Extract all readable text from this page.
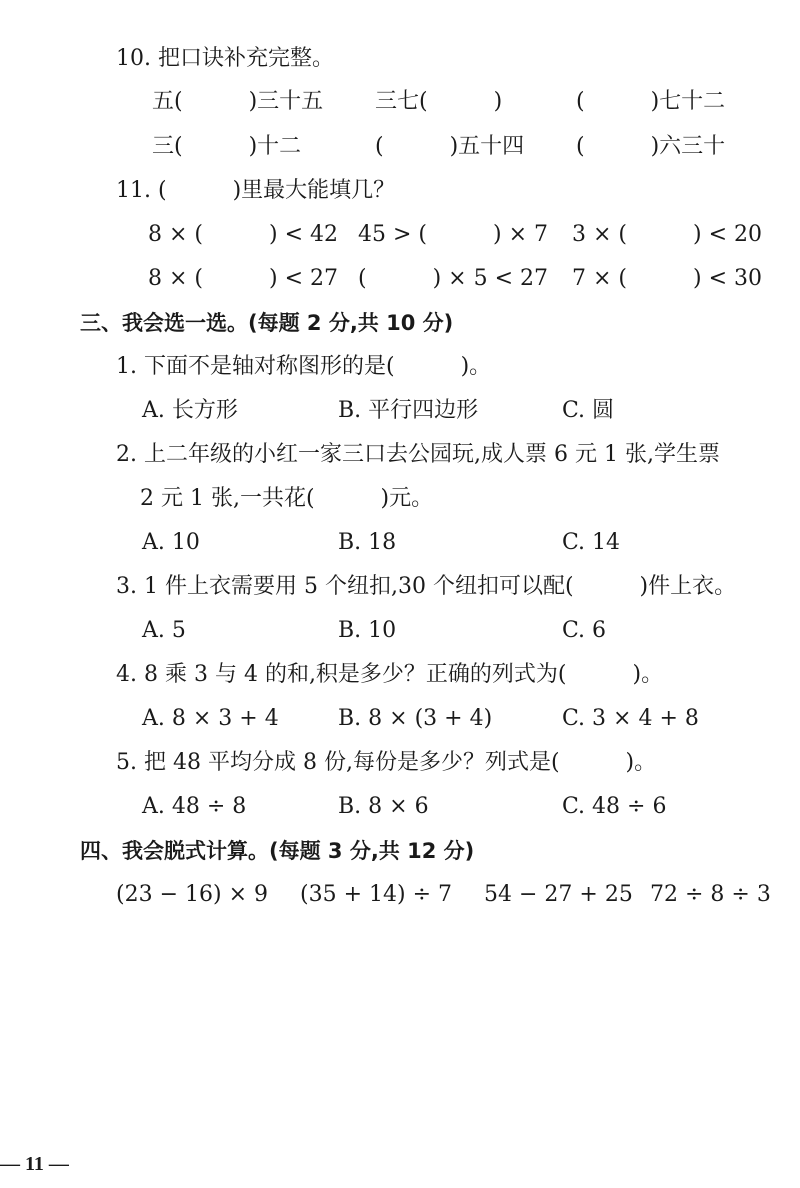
10. 把口诀补充完整。
五(　　　)三十五 三七(　　　)	(　　　)七十二
三(　　　)十二	(　　　)五十四 (　　　)六三十
11. (　　　)里最大能填几？
8 × (　　　) < 42 45 > (　　　) × 7 3 × (　　　) < 20
8 × (　　　) < 27 (　　　) × 5 < 27 7 × (　　　) < 30
三、我会选一选。(每题 2 分,共 10 分)
1. 下面不是轴对称图形的是(　　　)。
A. 长方形	B. 平行四边形	C. 圆
2. 上二年级的小红一家三口去公园玩,成人票 6 元 1 张,学生票
2 元 1 张,一共花(　　　)元。
A. 10	B. 18	C. 14
3. 1 件上衣需要用 5 个纽扣,30 个纽扣可以配(　　　)件上衣。
A. 5	B. 10	C. 6
4. 8 乘 3 与 4 的和,积是多少？正确的列式为(　　　)。
A. 8 × 3 + 4	B. 8 × (3 + 4)	C. 3 × 4 + 8
5. 把 48 平均分成 8 份,每份是多少？列式是(　　　)。
A. 48 ÷ 8	B. 8 × 6	C. 48 ÷ 6
四、我会脱式计算。(每题 3 分,共 12 分)
(23 − 16) × 9 (35 + 14) ÷ 7 54 − 27 + 25 72 ÷ 8 ÷ 3
— 11 —
